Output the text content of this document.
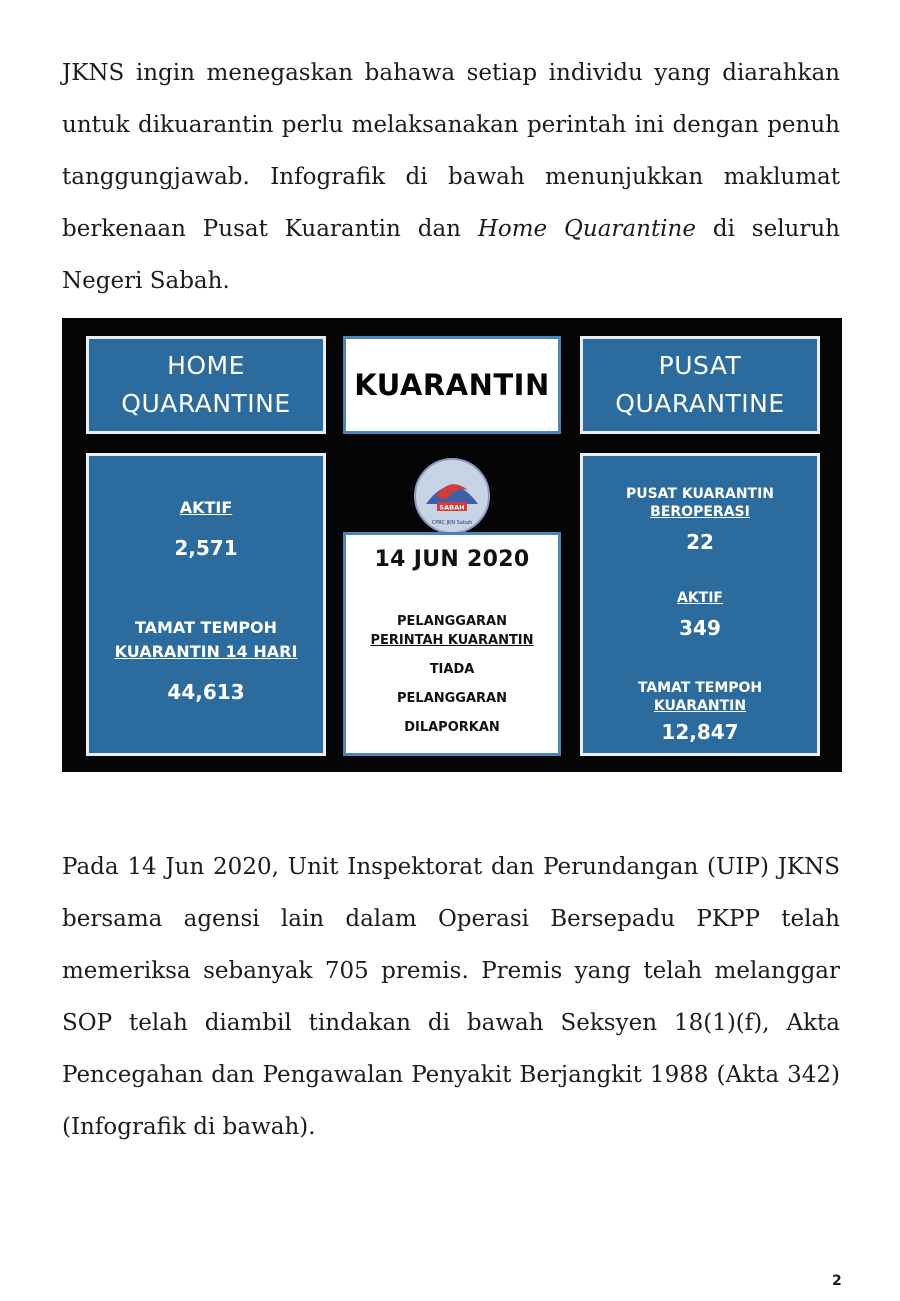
JKNS ingin menegaskan bahawa setiap individu yang diarahkan untuk dikuarantin perlu melaksanakan perintah ini dengan penuh tanggungjawab. Infografik di bawah menunjukkan maklumat berkenaan Pusat Kuarantin dan Home Quarantine di seluruh Negeri Sabah.

HOME
QUARANTINE
KUARANTIN
PUSAT
QUARANTINE
AKTIF
2,571
TAMAT TEMPOH
KUARANTIN 14 HARI
44,613
SABAH
CPRC JKN Sabah
14 JUN 2020
PELANGGARAN
PERINTAH KUARANTIN
TIADA
PELANGGARAN
DILAPORKAN
PUSAT KUARANTIN
BEROPERASI
22
AKTIF
349
TAMAT TEMPOH
KUARANTIN
12,847

Pada 14 Jun 2020, Unit Inspektorat dan Perundangan (UIP) JKNS bersama agensi lain dalam Operasi Bersepadu PKPP telah memeriksa sebanyak 705 premis. Premis yang telah melanggar SOP telah diambil tindakan di bawah Seksyen 18(1)(f), Akta Pencegahan dan Pengawalan Penyakit Berjangkit 1988 (Akta 342) (Infografik di bawah).

2
